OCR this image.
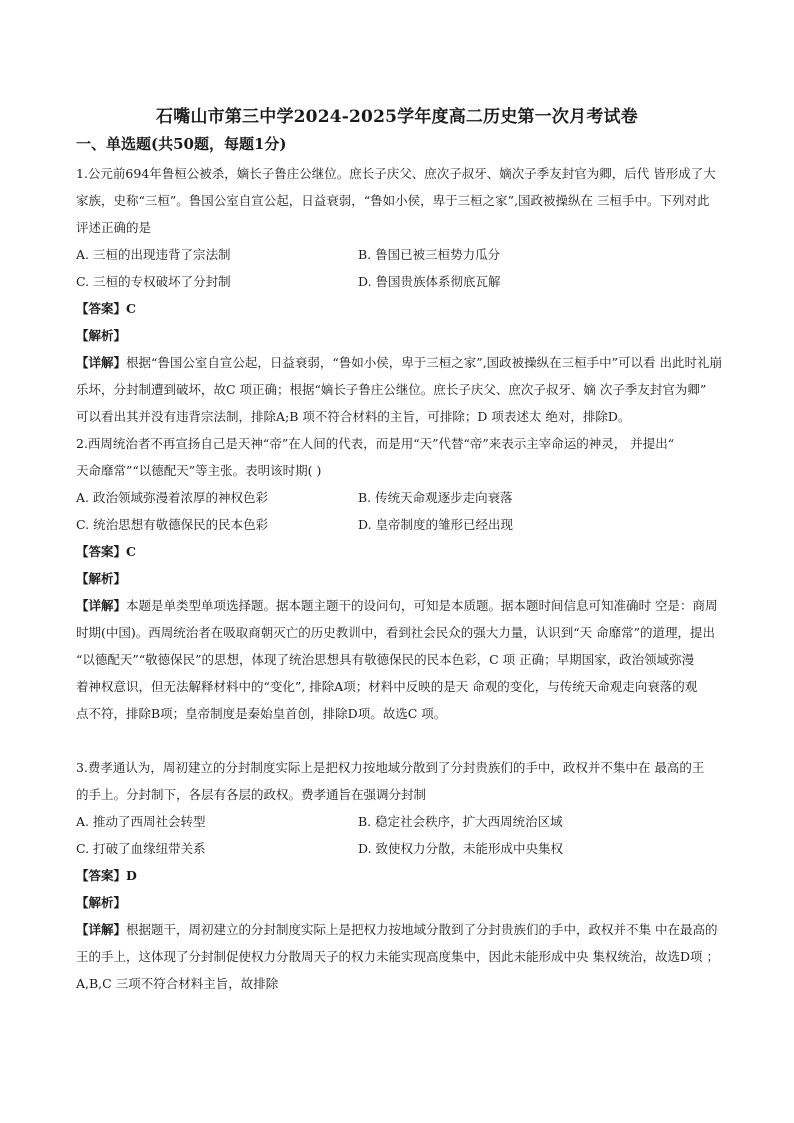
石嘴山市第三中学2024-2025学年度高二历史第一次月考试卷
一、单选题(共50题，每题1分)

1.公元前694年鲁桓公被杀，嫡长子鲁庄公继位。庶长子庆父、庶次子叔牙、嫡次子季友封官为卿，后代 皆形成了大

家族，史称“三桓”。鲁国公室自宣公起，日益衰弱，“鲁如小侯，卑于三桓之家”,国政被操纵在 三桓手中。下列对此

评述正确的是

A. 三桓的出现违背了宗法制	B. 鲁国已被三桓势力瓜分

C. 三桓的专权破坏了分封制	D. 鲁国贵族体系彻底瓦解

【答案】C

【解析】

【详解】根据“鲁国公室自宣公起，日益衰弱，“鲁如小侯，卑于三桓之家”,国政被操纵在三桓手中”可以看 出此时礼崩

乐坏，分封制遭到破坏，故C 项正确；根据“嫡长子鲁庄公继位。庶长子庆父、庶次子叔牙、嫡 次子季友封官为卿”

可以看出其并没有违背宗法制，排除A;B 项不符合材料的主旨，可排除；D 项表述太 绝对，排除D。

2.西周统治者不再宣扬自己是天神“帝”在人间的代表，而是用“天”代替“帝”来表示主宰命运的神灵， 并提出“

天命靡常”“以德配天”等主张。表明该时期( )

A. 政治领域弥漫着浓厚的神权色彩	B. 传统天命观逐步走向衰落

C. 统治思想有敬德保民的民本色彩	D. 皇帝制度的雏形已经出现

【答案】C

【解析】

【详解】本题是单类型单项选择题。据本题主题干的设问句，可知是本质题。据本题时间信息可知准确时 空是：商周

时期(中国)。西周统治者在吸取商朝灭亡的历史教训中，看到社会民众的强大力量，认识到“天 命靡常”的道理，提出

“以德配天”“敬德保民”的思想，体现了统治思想具有敬德保民的民本色彩，C 项 正确；早期国家，政治领域弥漫

着神权意识，但无法解释材料中的“变化”, 排除A项；材料中反映的是天 命观的变化，与传统天命观走向衰落的观

点不符，排除B项；皇帝制度是秦始皇首创，排除D项。故选C 项。

3.费孝通认为，周初建立的分封制度实际上是把权力按地域分散到了分封贵族们的手中，政权并不集中在 最高的王

的手上。分封制下，各层有各层的政权。费孝通旨在强调分封制

A. 推动了西周社会转型	B. 稳定社会秩序，扩大西周统治区域

C. 打破了血缘纽带关系	D. 致使权力分散，未能形成中央集权

【答案】D

【解析】

【详解】根据题干，周初建立的分封制度实际上是把权力按地域分散到了分封贵族们的手中，政权并不集 中在最高的

王的手上，这体现了分封制促使权力分散周天子的权力未能实现高度集中，因此未能形成中央 集权统治，故选D项 ；

A,B,C 三项不符合材料主旨，故排除
